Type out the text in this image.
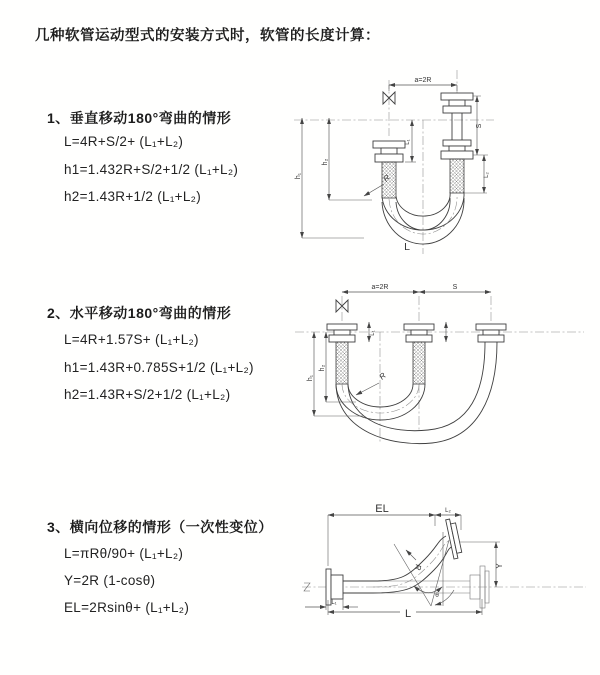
几种软管运动型式的安装方式时，软管的长度计算：
1、垂直移动180°弯曲的情形
L=4R+S/2+ (L₁+L₂)
h1=1.432R+S/2+1/2 (L₁+L₂)
h2=1.43R+1/2 (L₁+L₂)
2、水平移动180°弯曲的情形
L=4R+1.57S+ (L₁+L₂)
h1=1.43R+0.785S+1/2 (L₁+L₂)
h2=1.43R+S/2+1/2 (L₁+L₂)
3、横向位移的情形（一次性变位）
L=πRθ/90+ (L₁+L₂)
Y=2R (1-cosθ)
EL=2Rsinθ+ (L₁+L₂)
a=2R
h₁
h₂
L₁
S
L₂
R
L
a=2R	S
h₁
h₂
L₁
R
EL	L₂
Y
R
θ
L₁
L
